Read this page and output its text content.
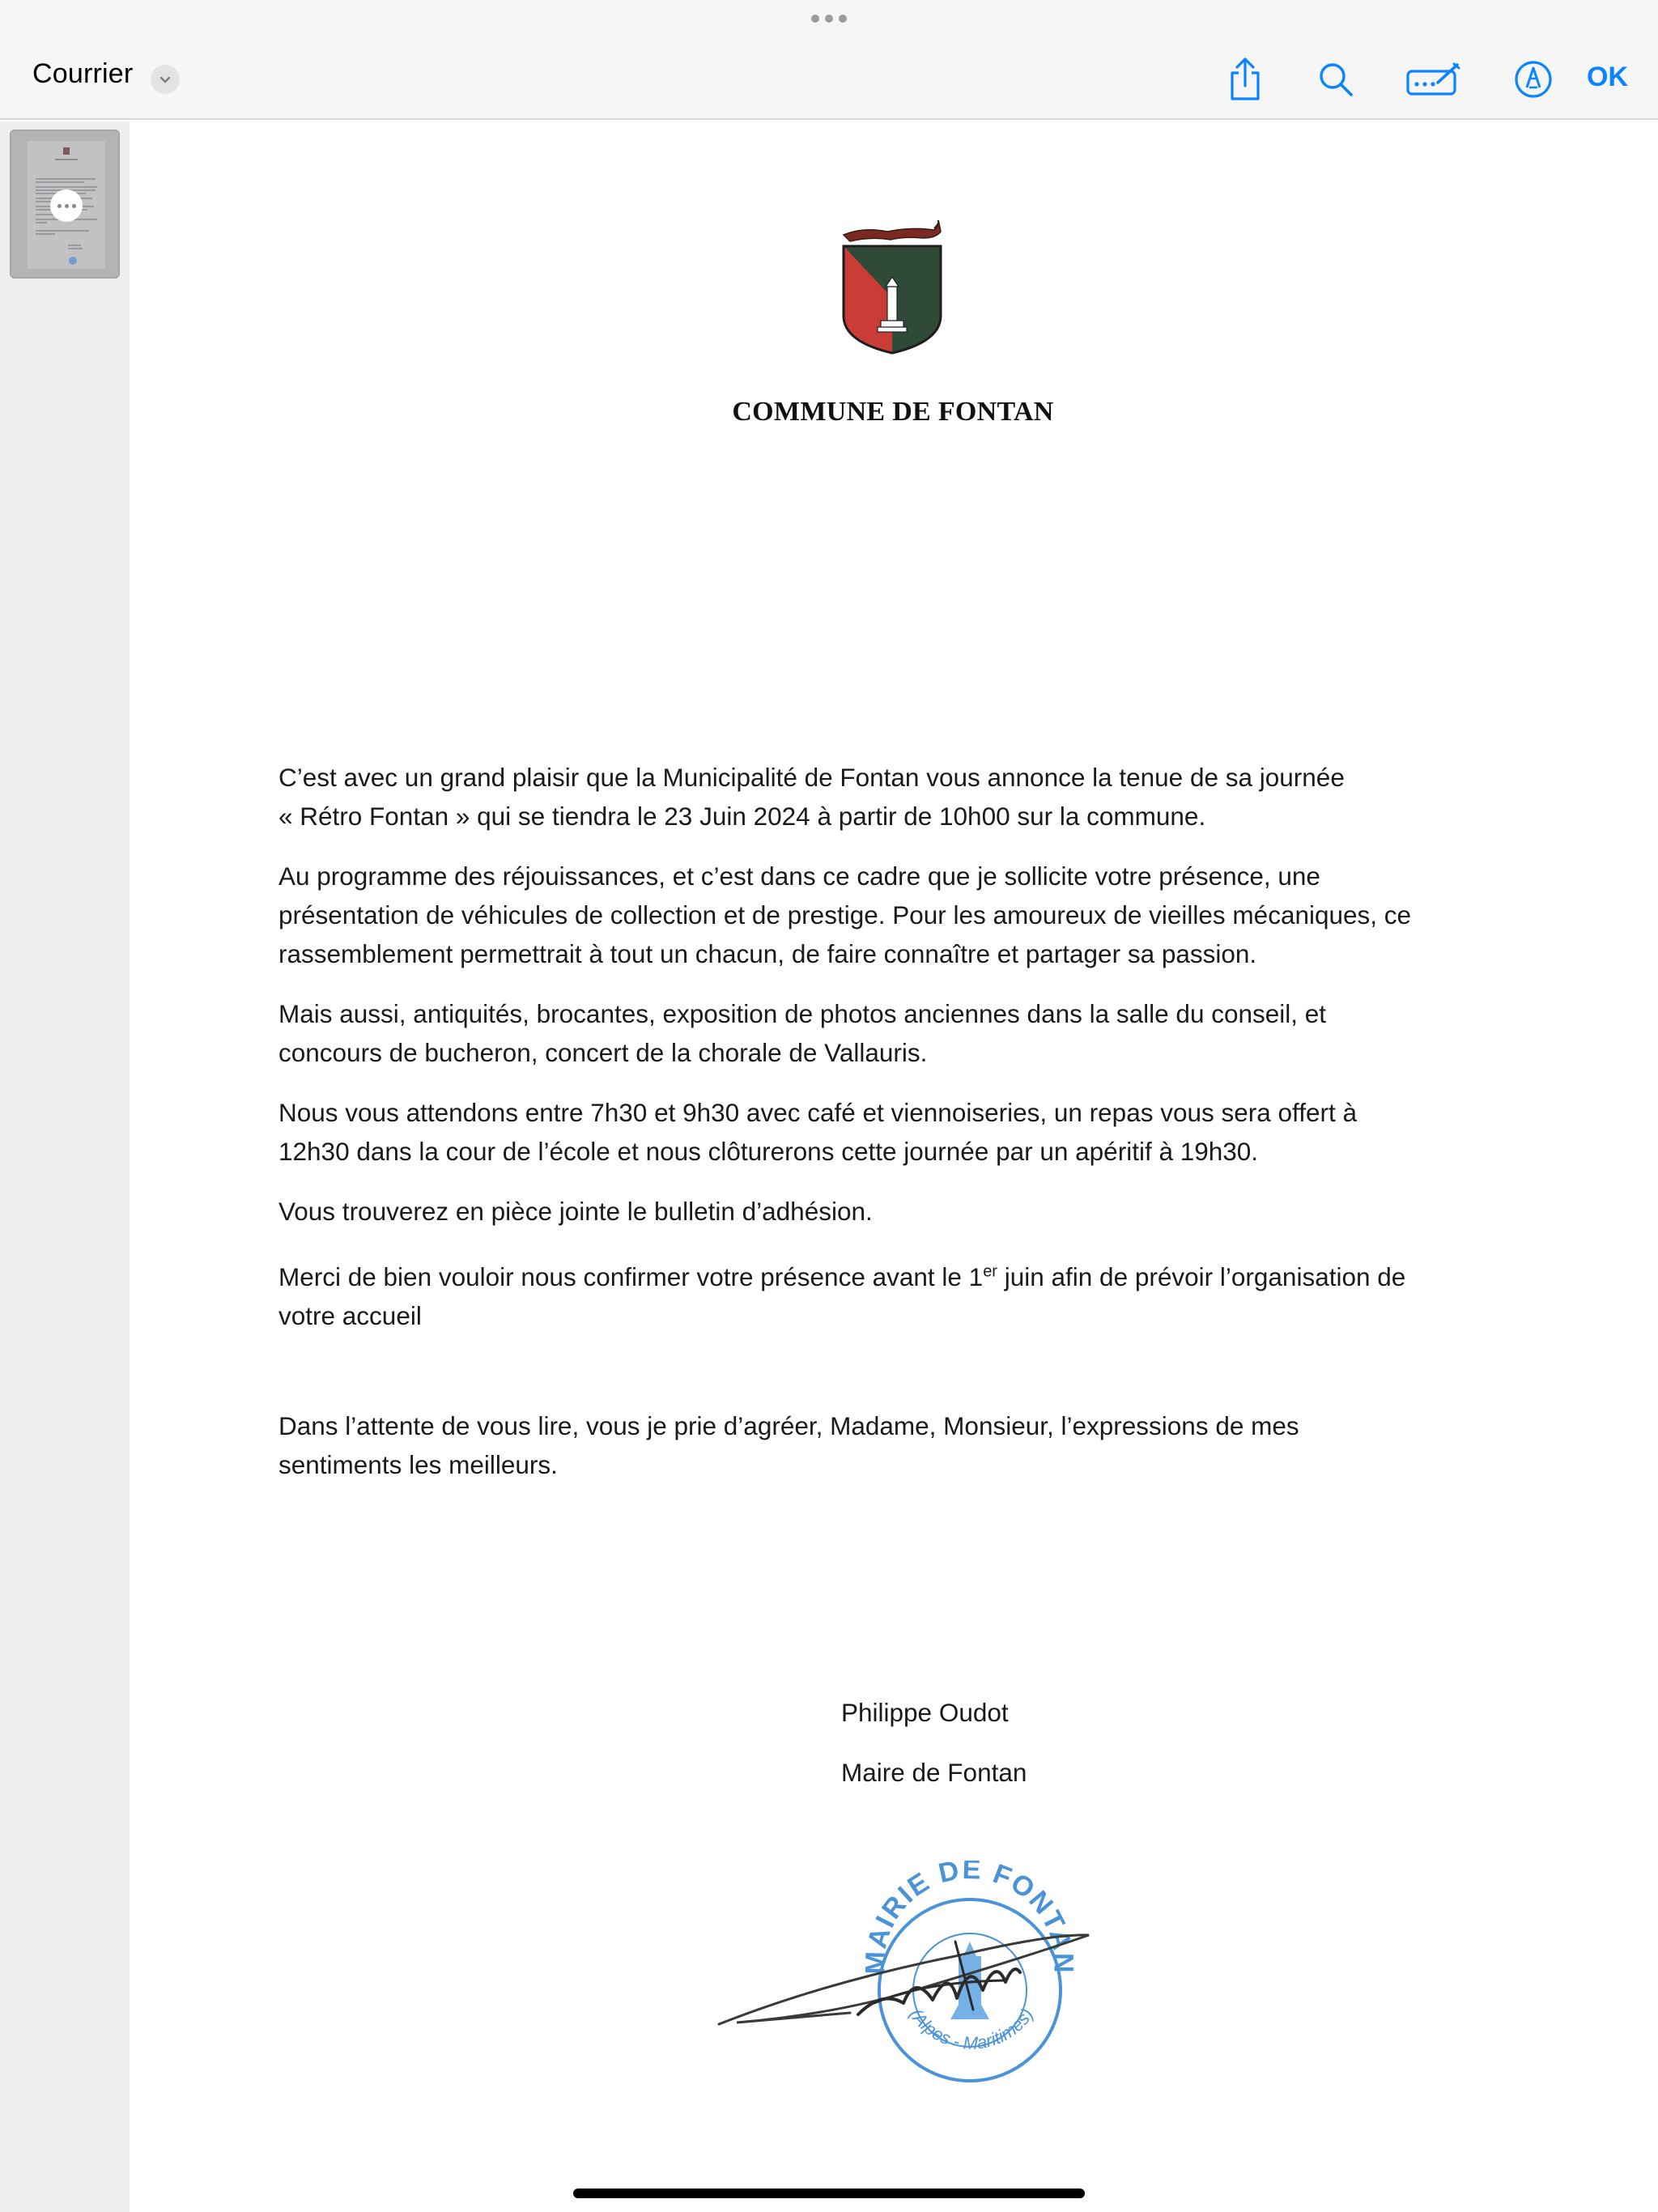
Courrier	OK
COMMUNE DE FONTAN

C’est avec un grand plaisir que la Municipalité de Fontan vous annonce la tenue de sa journée
« Rétro Fontan » qui se tiendra le 23 Juin 2024 à partir de 10h00 sur la commune.

Au programme des réjouissances, et c’est dans ce cadre que je sollicite votre présence, une
présentation de véhicules de collection et de prestige. Pour les amoureux de vieilles mécaniques, ce
rassemblement permettrait à tout un chacun, de faire connaître et partager sa passion.

Mais aussi, antiquités, brocantes, exposition de photos anciennes dans la salle du conseil, et
concours de bucheron, concert de la chorale de Vallauris.

Nous vous attendons entre 7h30 et 9h30 avec café et viennoiseries, un repas vous sera offert à
12h30 dans la cour de l’école et nous clôturerons cette journée par un apéritif à 19h30.

Vous trouverez en pièce jointe le bulletin d’adhésion.

Merci de bien vouloir nous confirmer votre présence avant le 1er juin afin de prévoir l’organisation de
votre accueil

Dans l’attente de vous lire, vous je prie d’agréer, Madame, Monsieur, l’expressions de mes
sentiments les meilleurs.

Philippe Oudot
Maire de Fontan
MAIRIE DE FONTAN
(Alpes - Maritimes)
